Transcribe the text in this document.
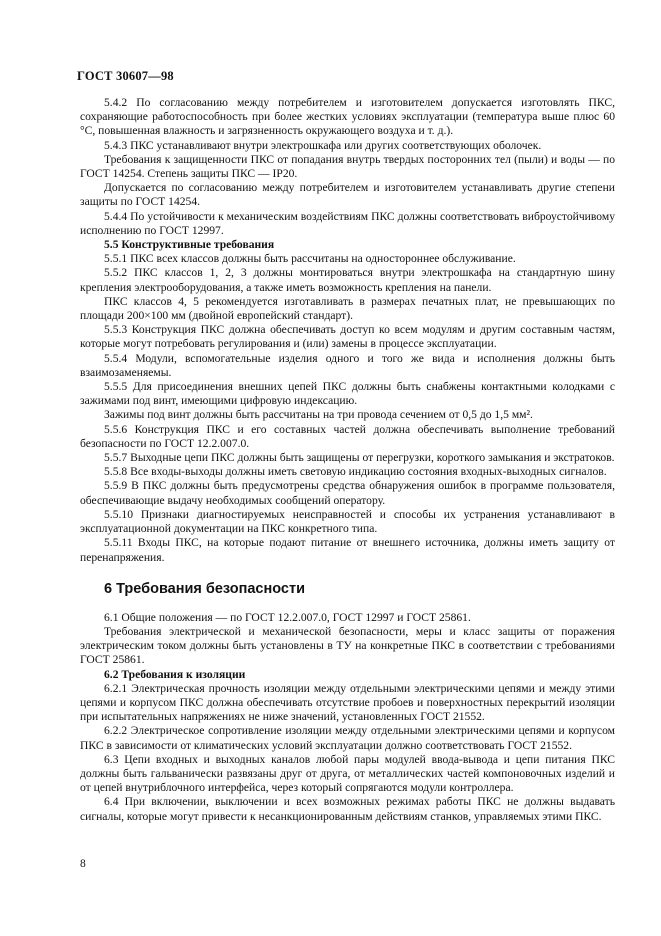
ГОСТ 30607—98

5.4.2 По согласованию между потребителем и изготовителем допускается изготовлять ПКС, сохраняющие работоспособность при более жестких условиях эксплуатации (температура выше плюс 60 °С, повышенная влажность и загрязненность окружающего воздуха и т. д.).

5.4.3 ПКС устанавливают внутри электрошкафа или других соответствующих оболочек.

Требования к защищенности ПКС от попадания внутрь твердых посторонних тел (пыли) и воды — по ГОСТ 14254. Степень защиты ПКС — IP20.

Допускается по согласованию между потребителем и изготовителем устанавливать другие степени защиты по ГОСТ 14254.

5.4.4 По устойчивости к механическим воздействиям ПКС должны соответствовать виброустойчивому исполнению по ГОСТ 12997.

5.5 Конструктивные требования

5.5.1 ПКС всех классов должны быть рассчитаны на одностороннее обслуживание.

5.5.2 ПКС классов 1, 2, 3 должны монтироваться внутри электрошкафа на стандартную шину крепления электрооборудования, а также иметь возможность крепления на панели.

ПКС классов 4, 5 рекомендуется изготавливать в размерах печатных плат, не превышающих по площади 200×100 мм (двойной европейский стандарт).

5.5.3 Конструкция ПКС должна обеспечивать доступ ко всем модулям и другим составным частям, которые могут потребовать регулирования и (или) замены в процессе эксплуатации.

5.5.4 Модули, вспомогательные изделия одного и того же вида и исполнения должны быть взаимозаменяемы.

5.5.5 Для присоединения внешних цепей ПКС должны быть снабжены контактными колодками с зажимами под винт, имеющими цифровую индексацию.

Зажимы под винт должны быть рассчитаны на три провода сечением от 0,5 до 1,5 мм².

5.5.6 Конструкция ПКС и его составных частей должна обеспечивать выполнение требований безопасности по ГОСТ 12.2.007.0.

5.5.7 Выходные цепи ПКС должны быть защищены от перегрузки, короткого замыкания и экстратоков.

5.5.8 Все входы-выходы должны иметь световую индикацию состояния входных-выходных сигналов.

5.5.9 В ПКС должны быть предусмотрены средства обнаружения ошибок в программе пользователя, обеспечивающие выдачу необходимых сообщений оператору.

5.5.10 Признаки диагностируемых неисправностей и способы их устранения устанавливают в эксплуатационной документации на ПКС конкретного типа.

5.5.11 Входы ПКС, на которые подают питание от внешнего источника, должны иметь защиту от перенапряжения.

6 Требования безопасности

6.1 Общие положения — по ГОСТ 12.2.007.0, ГОСТ 12997 и ГОСТ 25861.

Требования электрической и механической безопасности, меры и класс защиты от поражения электрическим током должны быть установлены в ТУ на конкретные ПКС в соответствии с требованиями ГОСТ 25861.

6.2 Требования к изоляции

6.2.1 Электрическая прочность изоляции между отдельными электрическими цепями и между этими цепями и корпусом ПКС должна обеспечивать отсутствие пробоев и поверхностных перекрытий изоляции при испытательных напряжениях не ниже значений, установленных ГОСТ 21552.

6.2.2 Электрическое сопротивление изоляции между отдельными электрическими цепями и корпусом ПКС в зависимости от климатических условий эксплуатации должно соответствовать ГОСТ 21552.

6.3 Цепи входных и выходных каналов любой пары модулей ввода-вывода и цепи питания ПКС должны быть гальванически развязаны друг от друга, от металлических частей компоновочных изделий и от цепей внутриблочного интерфейса, через который сопрягаются модули контроллера.

6.4 При включении, выключении и всех возможных режимах работы ПКС не должны выдавать сигналы, которые могут привести к несанкционированным действиям станков, управляемых этими ПКС.

8
